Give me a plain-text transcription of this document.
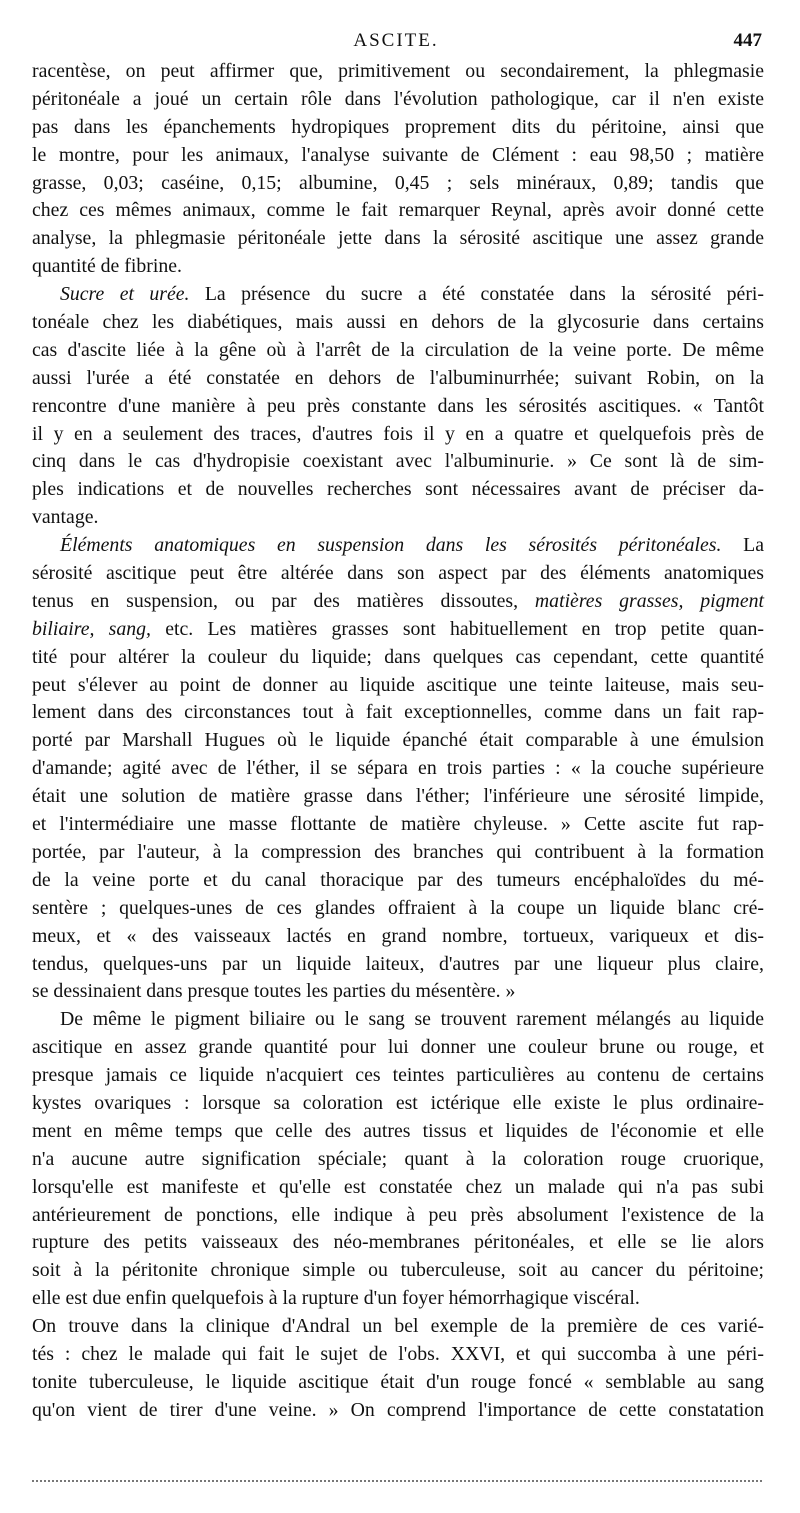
ASCITE.	447
racentèse, on peut affirmer que, primitivement ou secondairement, la phlegmasie
péritonéale a joué un certain rôle dans l'évolution pathologique, car il n'en existe
pas dans les épanchements hydropiques proprement dits du péritoine, ainsi que
le montre, pour les animaux, l'analyse suivante de Clément : eau 98,50 ; matière
grasse, 0,03; caséine, 0,15; albumine, 0,45 ; sels minéraux, 0,89; tandis que
chez ces mêmes animaux, comme le fait remarquer Reynal, après avoir donné cette
analyse, la phlegmasie péritonéale jette dans la sérosité ascitique une assez grande
quantité de fibrine.
Sucre et urée. La présence du sucre a été constatée dans la sérosité péri-
tonéale chez les diabétiques, mais aussi en dehors de la glycosurie dans certains
cas d'ascite liée à la gêne où à l'arrêt de la circulation de la veine porte. De même
aussi l'urée a été constatée en dehors de l'albuminurrhée; suivant Robin, on la
rencontre d'une manière à peu près constante dans les sérosités ascitiques. « Tantôt
il y en a seulement des traces, d'autres fois il y en a quatre et quelquefois près de
cinq dans le cas d'hydropisie coexistant avec l'albuminurie. » Ce sont là de sim-
ples indications et de nouvelles recherches sont nécessaires avant de préciser da-
vantage.
Éléments anatomiques en suspension dans les sérosités péritonéales. La
sérosité ascitique peut être altérée dans son aspect par des éléments anatomiques
tenus en suspension, ou par des matières dissoutes, matières grasses, pigment
biliaire, sang, etc. Les matières grasses sont habituellement en trop petite quan-
tité pour altérer la couleur du liquide; dans quelques cas cependant, cette quantité
peut s'élever au point de donner au liquide ascitique une teinte laiteuse, mais seu-
lement dans des circonstances tout à fait exceptionnelles, comme dans un fait rap-
porté par Marshall Hugues où le liquide épanché était comparable à une émulsion
d'amande; agité avec de l'éther, il se sépara en trois parties : « la couche supérieure
était une solution de matière grasse dans l'éther; l'inférieure une sérosité limpide,
et l'intermédiaire une masse flottante de matière chyleuse. » Cette ascite fut rap-
portée, par l'auteur, à la compression des branches qui contribuent à la formation
de la veine porte et du canal thoracique par des tumeurs encéphaloïdes du mé-
sentère ; quelques-unes de ces glandes offraient à la coupe un liquide blanc cré-
meux, et « des vaisseaux lactés en grand nombre, tortueux, variqueux et dis-
tendus, quelques-uns par un liquide laiteux, d'autres par une liqueur plus claire,
se dessinaient dans presque toutes les parties du mésentère. »
De même le pigment biliaire ou le sang se trouvent rarement mélangés au liquide
ascitique en assez grande quantité pour lui donner une couleur brune ou rouge, et
presque jamais ce liquide n'acquiert ces teintes particulières au contenu de certains
kystes ovariques : lorsque sa coloration est ictérique elle existe le plus ordinaire-
ment en même temps que celle des autres tissus et liquides de l'économie et elle
n'a aucune autre signification spéciale; quant à la coloration rouge cruorique,
lorsqu'elle est manifeste et qu'elle est constatée chez un malade qui n'a pas subi
antérieurement de ponctions, elle indique à peu près absolument l'existence de la
rupture des petits vaisseaux des néo-membranes péritonéales, et elle se lie alors
soit à la péritonite chronique simple ou tuberculeuse, soit au cancer du péritoine;
elle est due enfin quelquefois à la rupture d'un foyer hémorrhagique viscéral.
On trouve dans la clinique d'Andral un bel exemple de la première de ces varié-
tés : chez le malade qui fait le sujet de l'obs. XXVI, et qui succomba à une péri-
tonite tuberculeuse, le liquide ascitique était d'un rouge foncé « semblable au sang
qu'on vient de tirer d'une veine. » On comprend l'importance de cette constatation
